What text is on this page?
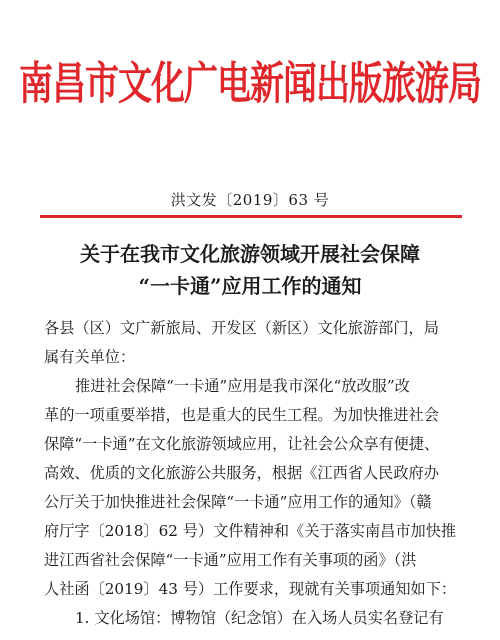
南昌市文化广电新闻出版旅游局
洪文发〔2019〕63 号
关于在我市文化旅游领域开展社会保障
“一卡通”应用工作的通知
各县（区）文广新旅局、开发区（新区）文化旅游部门，局
属有关单位：
推进社会保障“一卡通”应用是我市深化“放改服”改
革的一项重要举措，也是重大的民生工程。为加快推进社会
保障“一卡通”在文化旅游领域应用，让社会公众享有便捷、
高效、优质的文化旅游公共服务，根据《江西省人民政府办
公厅关于加快推进社会保障“一卡通”应用工作的通知》（赣
府厅字〔2018〕62 号）文件精神和《关于落实南昌市加快推
进江西省社会保障“一卡通”应用工作有关事项的函》（洪
人社函〔2019〕43 号）工作要求，现就有关事项通知如下：
1. 文化场馆：博物馆（纪念馆）在入场人员实名登记有
